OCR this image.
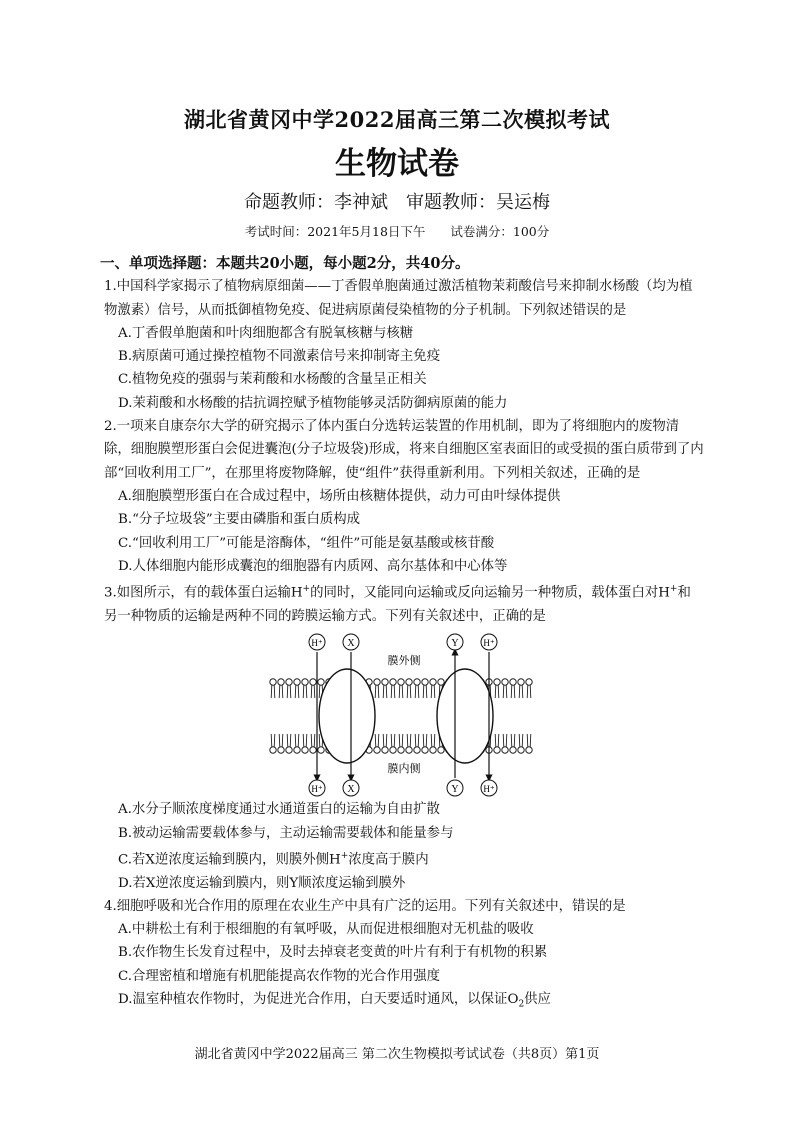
湖北省黄冈中学2022届高三第二次模拟考试
生物试卷
命题教师：李神斌　审题教师：吴运梅
考试时间：2021年5月18日下午　　试卷满分：100分
一、单项选择题：本题共20小题，每小题2分，共40分。

1.中国科学家揭示了植物病原细菌——丁香假单胞菌通过激活植物茉莉酸信号来抑制水杨酸（均为植物激素）信号，从而抵御植物免疫、促进病原菌侵染植物的分子机制。下列叙述错误的是

A.丁香假单胞菌和叶肉细胞都含有脱氧核糖与核糖

B.病原菌可通过操控植物不同激素信号来抑制寄主免疫

C.植物免疫的强弱与茉莉酸和水杨酸的含量呈正相关

D.茉莉酸和水杨酸的拮抗调控赋予植物能够灵活防御病原菌的能力

2.一项来自康奈尔大学的研究揭示了体内蛋白分选转运装置的作用机制，即为了将细胞内的废物清除，细胞膜塑形蛋白会促进囊泡(分子垃圾袋)形成，将来自细胞区室表面旧的或受损的蛋白质带到了内部“回收利用工厂”，在那里将废物降解，使“组件”获得重新利用。下列相关叙述，正确的是

A.细胞膜塑形蛋白在合成过程中，场所由核糖体提供，动力可由叶绿体提供

B.“分子垃圾袋”主要由磷脂和蛋白质构成

C.“回收利用工厂”可能是溶酶体，“组件”可能是氨基酸或核苷酸

D.人体细胞内能形成囊泡的细胞器有内质网、高尔基体和中心体等

3.如图所示，有的载体蛋白运输H+的同时，又能同向运输或反向运输另一种物质，载体蛋白对H+和另一种物质的运输是两种不同的跨膜运输方式。下列有关叙述中，正确的是

H⁺ X	Y	H⁺
H⁺ X	Y	H⁺
膜外侧
膜内侧

A.水分子顺浓度梯度通过水通道蛋白的运输为自由扩散

B.被动运输需要载体参与，主动运输需要载体和能量参与

C.若X逆浓度运输到膜内，则膜外侧H+浓度高于膜内

D.若X逆浓度运输到膜内，则Y顺浓度运输到膜外

4.细胞呼吸和光合作用的原理在农业生产中具有广泛的运用。下列有关叙述中，错误的是

A.中耕松土有利于根细胞的有氧呼吸，从而促进根细胞对无机盐的吸收

B.农作物生长发育过程中，及时去掉衰老变黄的叶片有利于有机物的积累

C.合理密植和增施有机肥能提高农作物的光合作用强度

D.温室种植农作物时，为促进光合作用，白天要适时通风，以保证$O_2$供应

湖北省黄冈中学2022届高三 第二次生物模拟考试试卷（共8页）第1页
